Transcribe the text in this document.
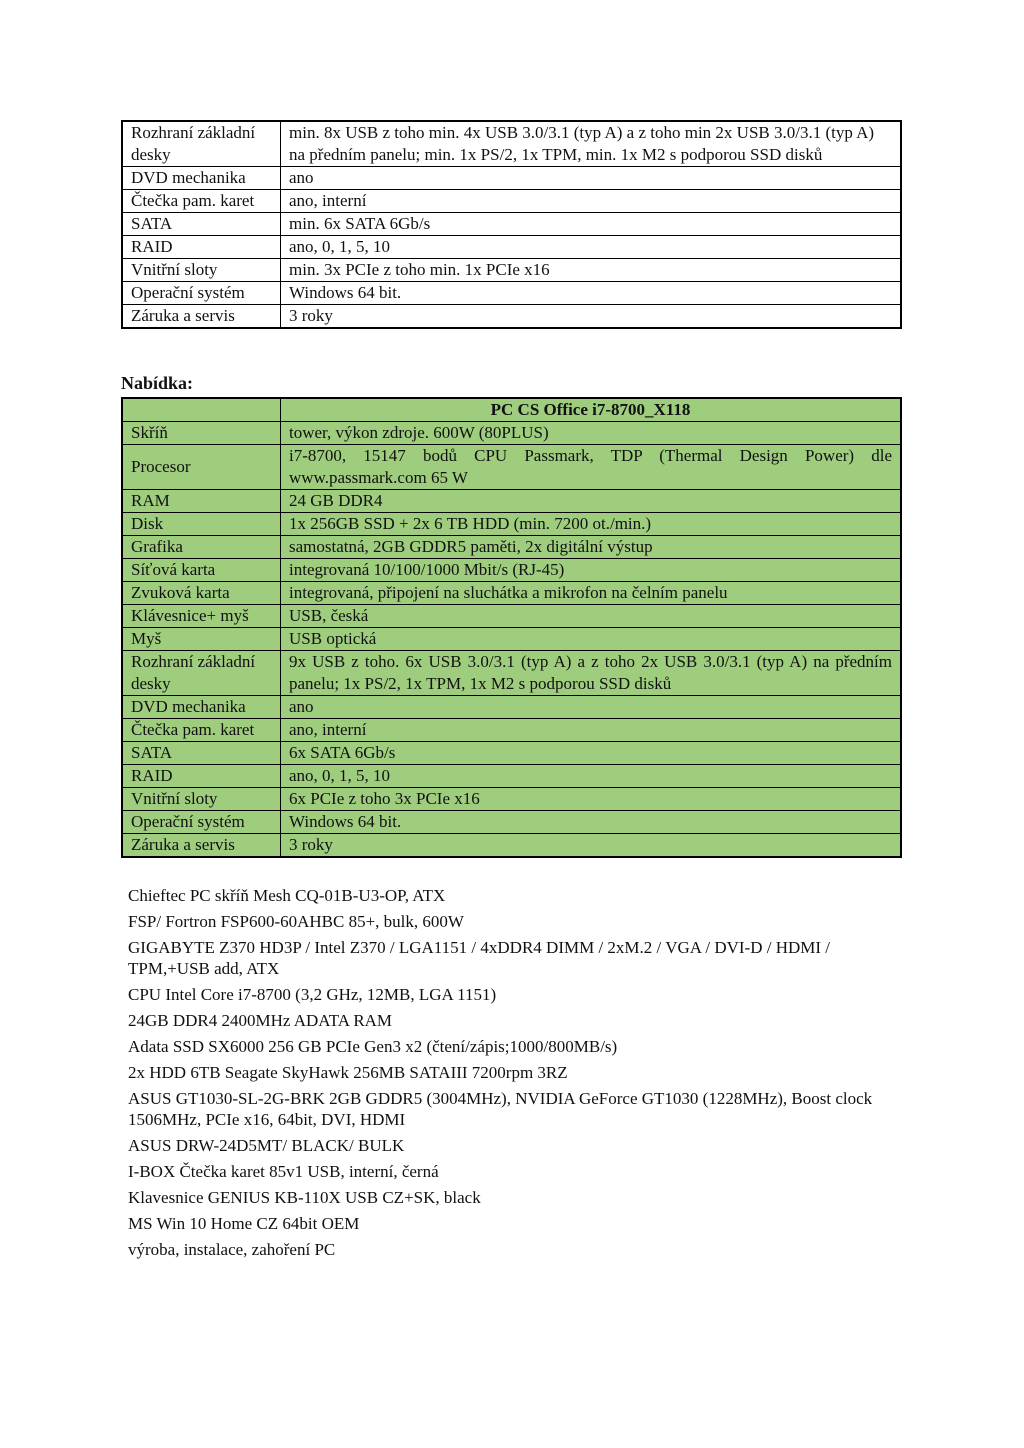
Rozhraní základní desky	min. 8x USB z toho min. 4x USB 3.0/3.1 (typ A) a z toho min 2x USB 3.0/3.1 (typ A) na předním panelu; min. 1x PS/2, 1x TPM, min. 1x M2 s podporou SSD disků
DVD mechanika	ano
Čtečka pam. karet	ano, interní
SATA	min. 6x SATA 6Gb/s
RAID	ano, 0, 1, 5, 10
Vnitřní sloty	min. 3x PCIe z toho min. 1x PCIe x16
Operační systém	Windows 64 bit.
Záruka a servis	3 roky
Nabídka:
	PC CS Office i7-8700_X118
Skříň	tower, výkon zdroje. 600W (80PLUS)
Procesor	i7-8700, 15147 bodů CPU Passmark, TDP (Thermal Design Power) dle www.passmark.com 65 W
RAM	24 GB DDR4
Disk	1x 256GB SSD + 2x 6 TB HDD (min. 7200 ot./min.)
Grafika	samostatná, 2GB GDDR5 paměti, 2x digitální výstup
Síťová karta	integrovaná 10/100/1000 Mbit/s (RJ-45)
Zvuková karta	integrovaná, připojení na sluchátka a mikrofon na čelním panelu
Klávesnice+ myš	USB, česká
Myš	USB optická
Rozhraní základní desky	9x USB z toho. 6x USB 3.0/3.1 (typ A) a z toho 2x USB 3.0/3.1 (typ A) na předním panelu; 1x PS/2, 1x TPM, 1x M2 s podporou SSD disků
DVD mechanika	ano
Čtečka pam. karet	ano, interní
SATA	6x SATA 6Gb/s
RAID	ano, 0, 1, 5, 10
Vnitřní sloty	6x PCIe z toho 3x PCIe x16
Operační systém	Windows 64 bit.
Záruka a servis	3 roky
Chieftec PC skříň Mesh CQ-01B-U3-OP, ATX
FSP/ Fortron FSP600-60AHBC 85+, bulk, 600W
GIGABYTE Z370 HD3P / Intel Z370 / LGA1151 / 4xDDR4 DIMM / 2xM.2 / VGA / DVI-D / HDMI / TPM,+USB add, ATX
CPU Intel Core i7-8700 (3,2 GHz, 12MB, LGA 1151)
24GB DDR4 2400MHz ADATA RAM
Adata SSD SX6000 256 GB PCIe Gen3 x2 (čtení/zápis;1000/800MB/s)
2x HDD 6TB Seagate SkyHawk 256MB SATAIII 7200rpm 3RZ
ASUS GT1030-SL-2G-BRK 2GB GDDR5 (3004MHz), NVIDIA GeForce GT1030 (1228MHz), Boost clock 1506MHz, PCIe x16, 64bit, DVI, HDMI
ASUS DRW-24D5MT/ BLACK/ BULK
I-BOX Čtečka karet 85v1 USB, interní, černá
Klavesnice GENIUS KB-110X USB CZ+SK, black
MS Win 10 Home CZ 64bit OEM
výroba, instalace, zahoření PC
